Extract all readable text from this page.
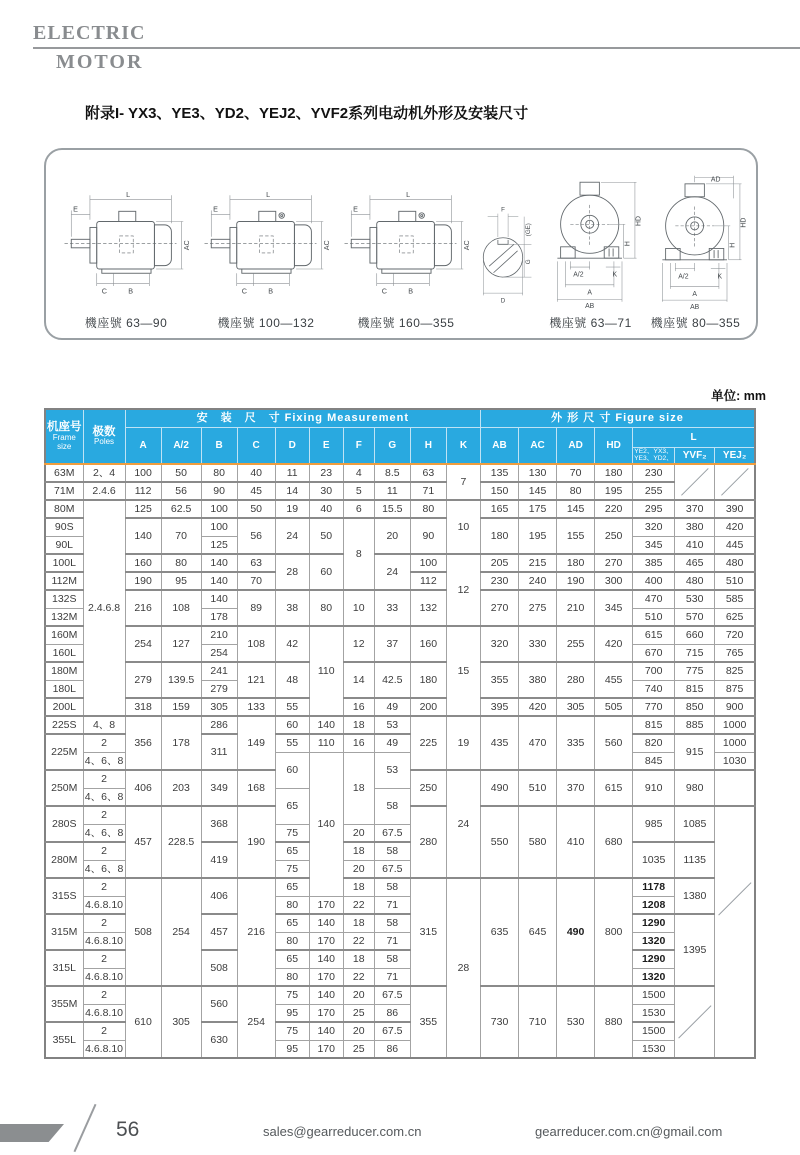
ELECTRIC
MOTOR
附录I- YX3、YE3、YD2、YEJ2、YVF2系列电动机外形及安装尺寸
L
E
AC
C	B
機座號 63—90
L
E
AC
C	B
機座號 100—132
L
E
AC
C	B
機座號 160—355
F
(GE)
G
D
HD
H
A/2	K
A
AB
機座號 63—71
AD
HD
H
A/2	K
A
AB
機座號 80—355
单位: mm
机座号
Frame size

极数
Poles

安　装　尺　寸 Fixing Measurement	外 形 尺 寸 Figure size

		A	A/2	B	C	D	E	F	G	H	K	AB	AC	AD	HD	L		

																YE2、YX3、
YE3、YD2、	YVF₂	YEJ₂

63M	2、4	100	50	80	40	11	23	4	8.5	63	7	135	130	70	180	230	

71M	2.4.6	112	56	90	45	14	30	5	11	71		150	145	80	195	255		
80M	2.4.6.8	125	62.5	100	50	19	40	6	15.5	80	10	165	175	145	220	295	370	390
90S		140	70	100	56	24	50	8	20	90		180	195	155	250	320	380	420
90L				125												345	410	445
100L		160	80	140	63	28	60		24	100	12	205	215	180	270	385	465	480
112M		190	95	140	70					112		230	240	190	300	400	480	510
132S		216	108	140	89	38	80	10	33	132		270	275	210	345	470	530	585
132M				178												510	570	625
160M		254	127	210	108	42	110	12	37	160	15	320	330	255	420	615	660	720
160L				254												670	715	765
180M		279	139.5	241	121	48		14	42.5	180		355	380	280	455	700	775	825
180L				279												740	815	875
200L		318	159	305	133	55		16	49	200		395	420	305	505	770	850	900
225S	4、8	356	178	286	149	60	140	18	53	225	19	435	470	335	560	815	885	1000
225M	2			311		55	110	16	49							820	915	1000
	4、6、8					60	140	18	53							845		1030
250M	2	406	203	349	168					250	24	490	510	370	615	910	980	
	4、6、8					65			58									
280S	2	457	228.5	368	190					280		550	580	410	680	985	1085	

	4、6、8					75		20	67.5									
280M	2			419		65		18	58							1035	1135	
	4、6、8					75		20	67.5									
315S	2	508	254	406	216	65		18	58	315	28	635	645	490	800	1178	1380	
	4.6.8.10					80	170	22	71							1208		
315M	2			457		65	140	18	58							1290	1395	
	4.6.8.10					80	170	22	71							1320		
315L	2			508		65	140	18	58							1290		
	4.6.8.10					80	170	22	71							1320		
355M	2	610	305	560	254	75	140	20	67.5	355		730	710	530	880	1500		

	4.6.8.10					95	170	25	86							1530		
355L	2			630		75	140	20	67.5							1500		
	4.6.8.10					95	170	25	86							1530		
56	sales@gearreducer.com.cn	gearreducer.com.cn@gmail.com
